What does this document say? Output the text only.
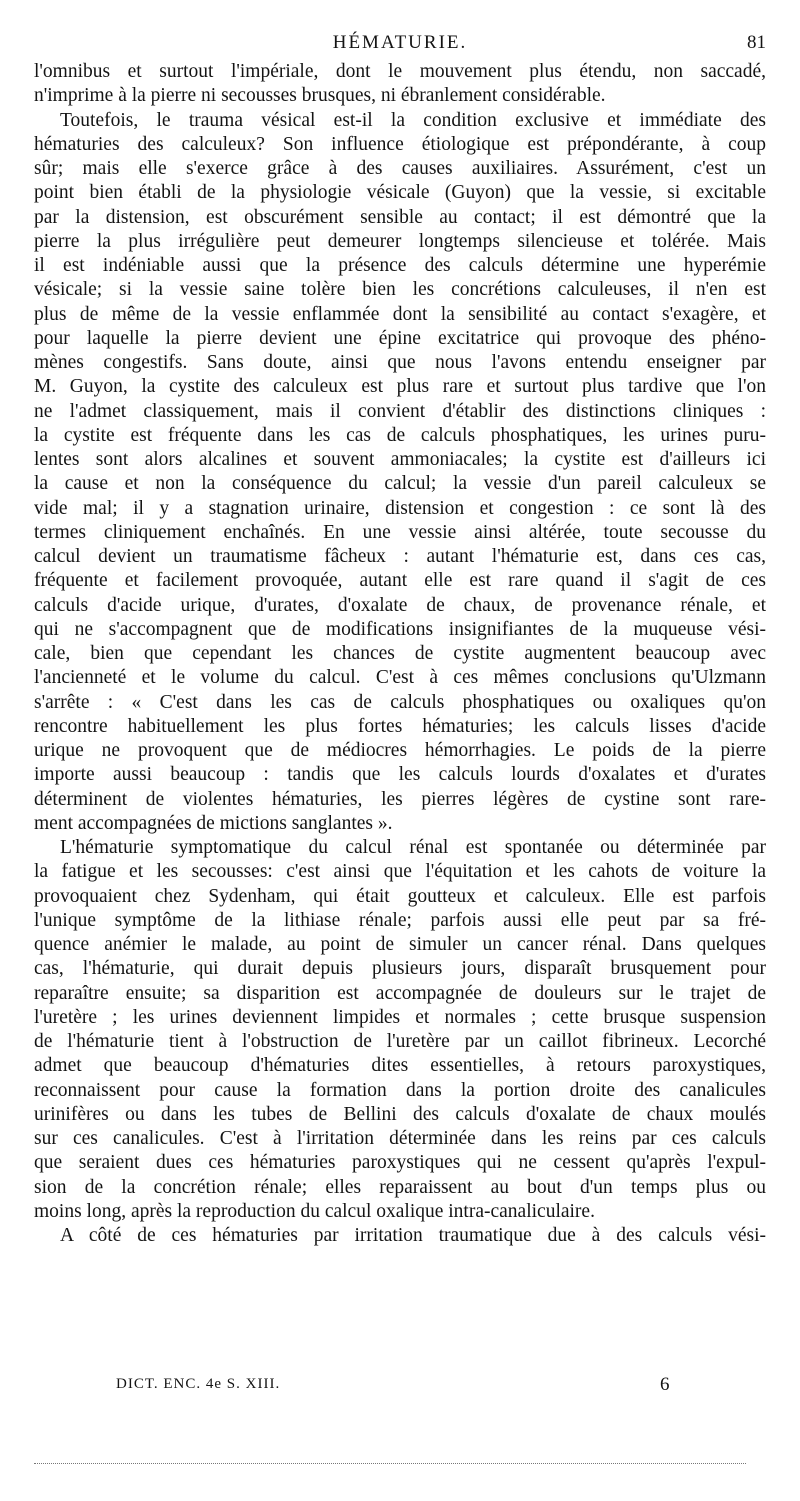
HÉMATURIE.	81
l'omnibus et surtout l'impériale, dont le mouvement plus étendu, non saccadé,
n'imprime à la pierre ni secousses brusques, ni ébranlement considérable.
Toutefois, le trauma vésical est-il la condition exclusive et immédiate des
hématuries des calculeux? Son influence étiologique est prépondérante, à coup
sûr; mais elle s'exerce grâce à des causes auxiliaires. Assurément, c'est un
point bien établi de la physiologie vésicale (Guyon) que la vessie, si excitable
par la distension, est obscurément sensible au contact; il est démontré que la
pierre la plus irrégulière peut demeurer longtemps silencieuse et tolérée. Mais
il est indéniable aussi que la présence des calculs détermine une hyperémie
vésicale; si la vessie saine tolère bien les concrétions calculeuses, il n'en est
plus de même de la vessie enflammée dont la sensibilité au contact s'exagère, et
pour laquelle la pierre devient une épine excitatrice qui provoque des phéno-
mènes congestifs. Sans doute, ainsi que nous l'avons entendu enseigner par
M. Guyon, la cystite des calculeux est plus rare et surtout plus tardive que l'on
ne l'admet classiquement, mais il convient d'établir des distinctions cliniques :
la cystite est fréquente dans les cas de calculs phosphatiques, les urines puru-
lentes sont alors alcalines et souvent ammoniacales; la cystite est d'ailleurs ici
la cause et non la conséquence du calcul; la vessie d'un pareil calculeux se
vide mal; il y a stagnation urinaire, distension et congestion : ce sont là des
termes cliniquement enchaînés. En une vessie ainsi altérée, toute secousse du
calcul devient un traumatisme fâcheux : autant l'hématurie est, dans ces cas,
fréquente et facilement provoquée, autant elle est rare quand il s'agit de ces
calculs d'acide urique, d'urates, d'oxalate de chaux, de provenance rénale, et
qui ne s'accompagnent que de modifications insignifiantes de la muqueuse vési-
cale, bien que cependant les chances de cystite augmentent beaucoup avec
l'ancienneté et le volume du calcul. C'est à ces mêmes conclusions qu'Ulzmann
s'arrête : « C'est dans les cas de calculs phosphatiques ou oxaliques qu'on
rencontre habituellement les plus fortes hématuries; les calculs lisses d'acide
urique ne provoquent que de médiocres hémorrhagies. Le poids de la pierre
importe aussi beaucoup : tandis que les calculs lourds d'oxalates et d'urates
déterminent de violentes hématuries, les pierres légères de cystine sont rare-
ment accompagnées de mictions sanglantes ».
L'hématurie symptomatique du calcul rénal est spontanée ou déterminée par
la fatigue et les secousses: c'est ainsi que l'équitation et les cahots de voiture la
provoquaient chez Sydenham, qui était goutteux et calculeux. Elle est parfois
l'unique symptôme de la lithiase rénale; parfois aussi elle peut par sa fré-
quence anémier le malade, au point de simuler un cancer rénal. Dans quelques
cas, l'hématurie, qui durait depuis plusieurs jours, disparaît brusquement pour
reparaître ensuite; sa disparition est accompagnée de douleurs sur le trajet de
l'uretère ; les urines deviennent limpides et normales ; cette brusque suspension
de l'hématurie tient à l'obstruction de l'uretère par un caillot fibrineux. Lecorché
admet que beaucoup d'hématuries dites essentielles, à retours paroxystiques,
reconnaissent pour cause la formation dans la portion droite des canalicules
urinifères ou dans les tubes de Bellini des calculs d'oxalate de chaux moulés
sur ces canalicules. C'est à l'irritation déterminée dans les reins par ces calculs
que seraient dues ces hématuries paroxystiques qui ne cessent qu'après l'expul-
sion de la concrétion rénale; elles reparaissent au bout d'un temps plus ou
moins long, après la reproduction du calcul oxalique intra-canaliculaire.
A côté de ces hématuries par irritation traumatique due à des calculs vési-
DICT. ENC. 4e S. XIII.	6
